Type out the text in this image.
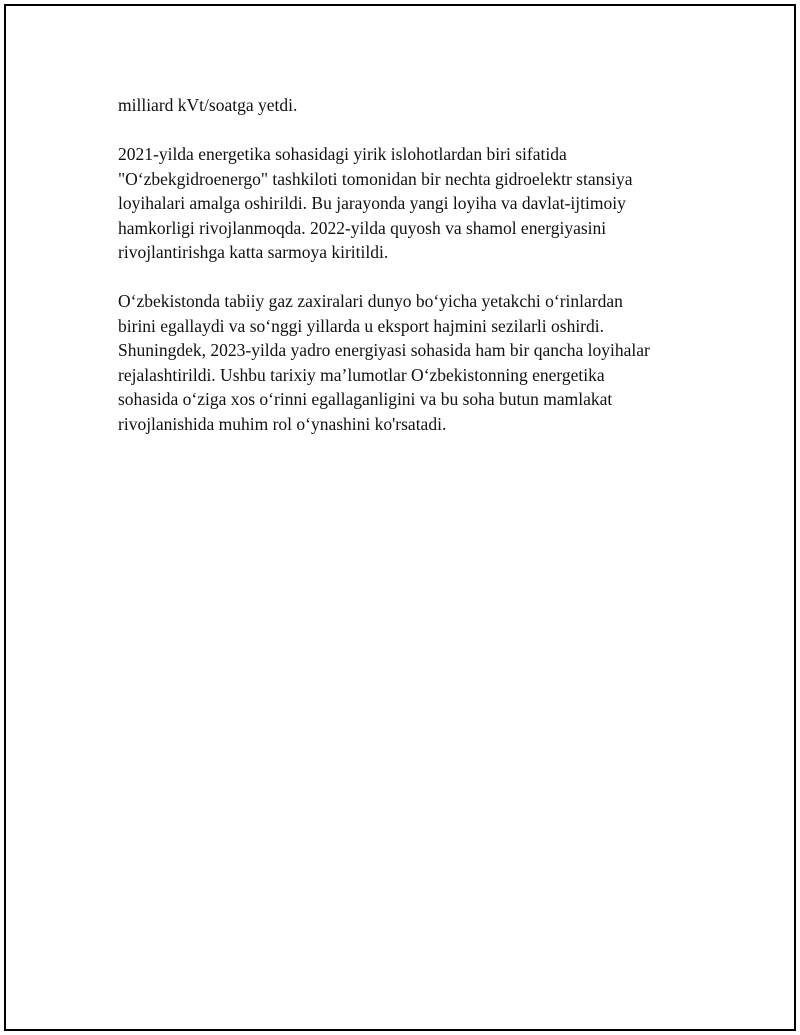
milliard kVt/soatga yetdi.

2021-yilda energetika sohasidagi yirik islohotlardan biri sifatida
"O‘zbekgidroenergo" tashkiloti tomonidan bir nechta gidroelektr stansiya
loyihalari amalga oshirildi. Bu jarayonda yangi loyiha va davlat-ijtimoiy
hamkorligi rivojlanmoqda. 2022-yilda quyosh va shamol energiyasini
rivojlantirishga katta sarmoya kiritildi.

O‘zbekistonda tabiiy gaz zaxiralari dunyo bo‘yicha yetakchi o‘rinlardan
birini egallaydi va so‘nggi yillarda u eksport hajmini sezilarli oshirdi.
Shuningdek, 2023-yilda yadro energiyasi sohasida ham bir qancha loyihalar
rejalashtirildi. Ushbu tarixiy ma’lumotlar O‘zbekistonning energetika
sohasida o‘ziga xos o‘rinni egallaganligini va bu soha butun mamlakat
rivojlanishida muhim rol o‘ynashini ko'rsatadi.
